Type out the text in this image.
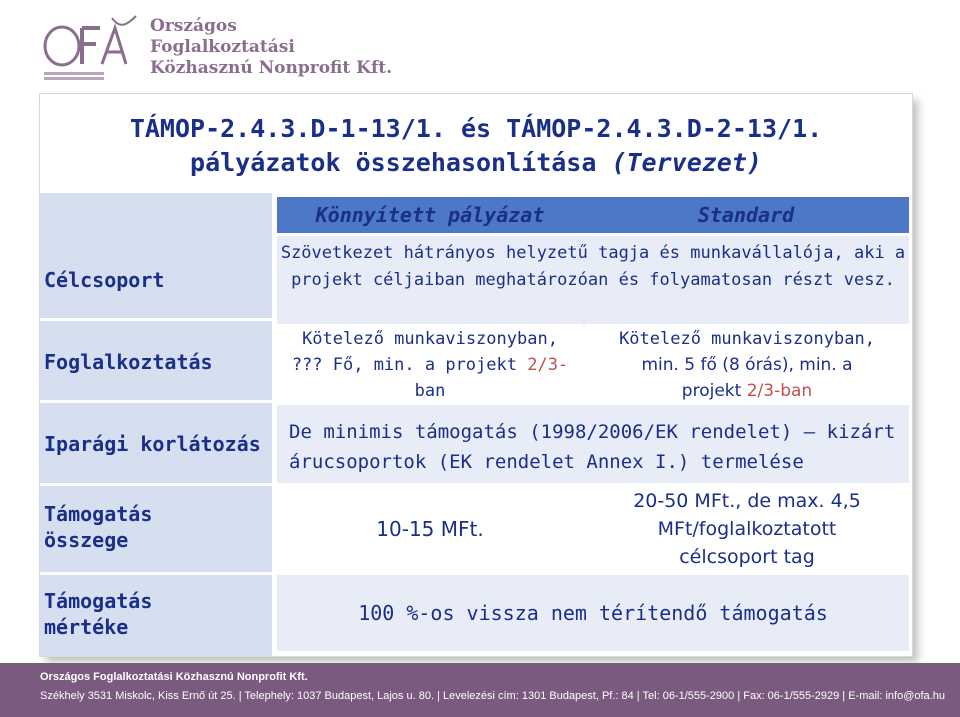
Országos
Foglalkoztatási
Közhasznú Nonprofit Kft.
TÁMOP-2.4.3.D-1-13/1. és TÁMOP-2.4.3.D-2-13/1.
pályázatok összehasonlítása (Tervezet)
Célcsoport
Foglalkoztatás
Iparági korlátozás
Támogatás
összege
Támogatás
mértéke
Könnyített pályázat	Standard
Szövetkezet hátrányos helyzetű tagja és munkavállalója, aki a projekt céljaiban meghatározóan és folyamatosan részt vesz.
Kötelező munkaviszonyban,
??? Fő, min. a projekt 2/3-
ban
Kötelező munkaviszonyban,
min. 5 fő (8 órás), min. a
projekt 2/3-ban
De minimis támogatás (1998/2006/EK rendelet) – kizárt árucsoportok (EK rendelet Annex I.) termelése
10-15 MFt.
20-50 MFt., de max. 4,5
MFt/foglalkoztatott
célcsoport tag
100 %-os vissza nem térítendő támogatás
Országos Foglalkoztatási Közhasznú Nonprofit Kft.
Székhely 3531 Miskolc, Kiss Ernő út 25. | Telephely: 1037 Budapest, Lajos u. 80. | Levelezési cím: 1301 Budapest, Pf.: 84 | Tel: 06-1/555-2900 | Fax: 06-1/555-2929 | E-mail: info@ofa.hu
